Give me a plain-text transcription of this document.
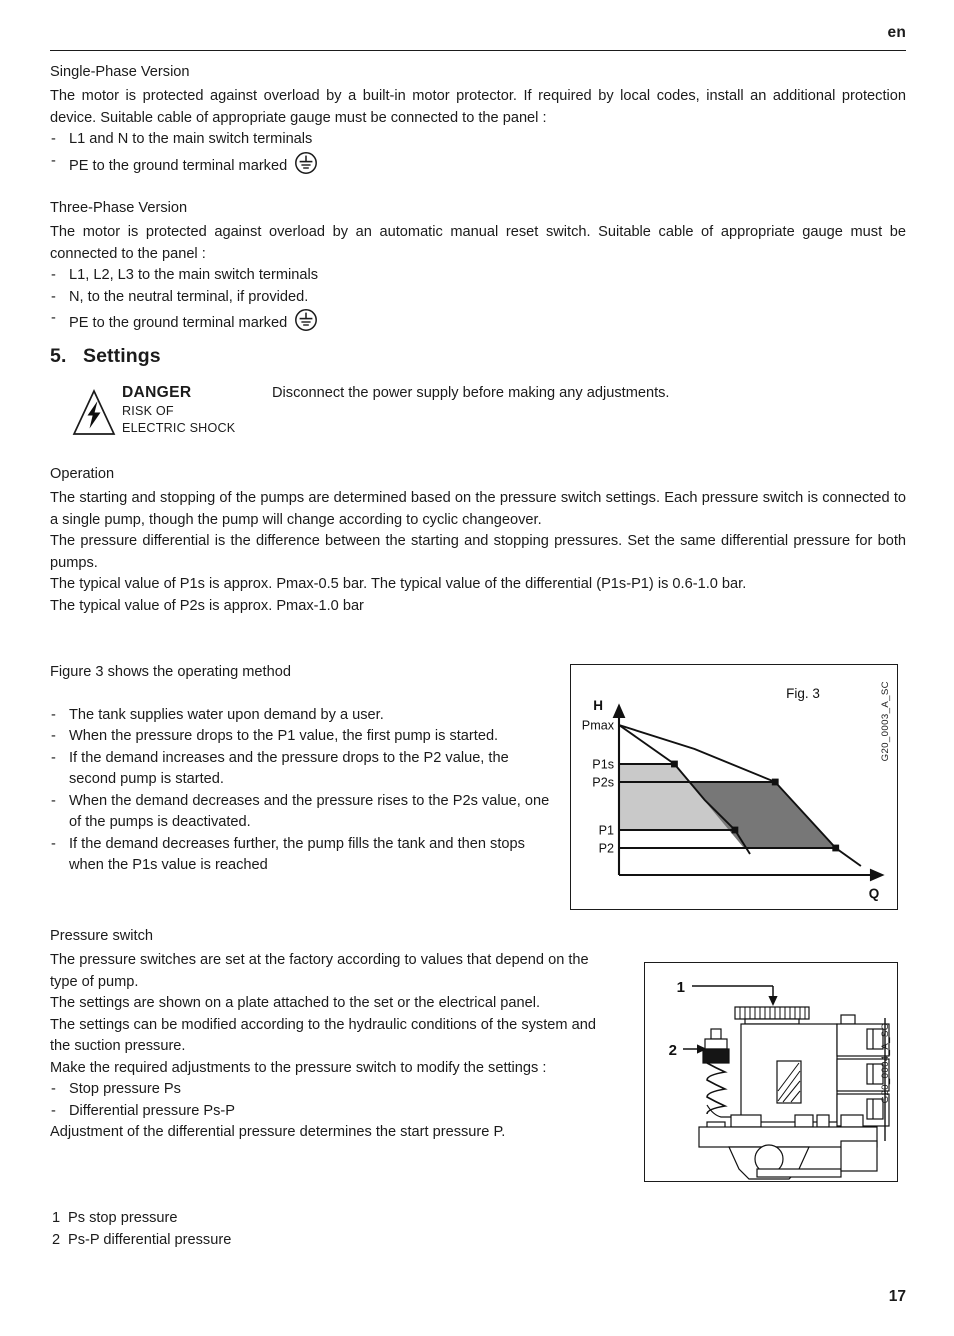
en
Single-Phase Version

The motor is protected against overload by a built-in motor protector. If required by local codes, install an additional protection device. Suitable cable of appropriate gauge must be connected to the panel :

- L1 and N to the main switch terminals
- PE to the ground terminal marked
Three-Phase Version

The motor is protected against overload by an automatic manual reset switch. Suitable cable of appropriate gauge must be connected to the panel :

- L1, L2, L3 to the main switch terminals
- N, to the neutral terminal, if provided.
- PE to the ground terminal marked
5. Settings
DANGER
RISK OF
ELECTRIC SHOCK
Disconnect the power supply before making any adjustments.
Operation

The starting and stopping of the pumps are determined based on the pressure switch settings. Each pressure switch is connected to a single pump, though the pump will change according to cyclic changeover.

The pressure differential is the difference between the starting and stopping pressures. Set the same differential pressure for both pumps.

The typical value of P1s is approx. Pmax-0.5 bar. The typical value of the differential (P1s-P1) is 0.6-1.0 bar.

The typical value of P2s is approx. Pmax-1.0 bar

Figure 3 shows the operating method

- The tank supplies water upon demand by a user.
- When the pressure drops to the P1 value, the first pump is started.
- If the demand increases and the pressure drops to the P2 value, the second pump is started.
- When the demand decreases and the pressure rises to the P2s value, one of the pumps is deactivated.
- If the demand decreases further, the pump fills the tank and then stops when the P1s value is reached
H
Q
Pmax
P1s
P2s
P1
P2
Fig. 3	G20_0003_A_SC
Pressure switch

The pressure switches are set at the factory according to values that depend on the type of pump.

The settings are shown on a plate attached to the set or the electrical panel.

The settings can be modified according to the hydraulic conditions of the system and the suction pressure.

Make the required adjustments to the pressure switch to modify the settings :

- Stop pressure Ps
- Differential pressure Ps-P

Adjustment of the differential pressure determines the start pressure P.

1
2	G20_0004_A_SC
1 Ps stop pressure
2 Ps-P differential pressure
17
